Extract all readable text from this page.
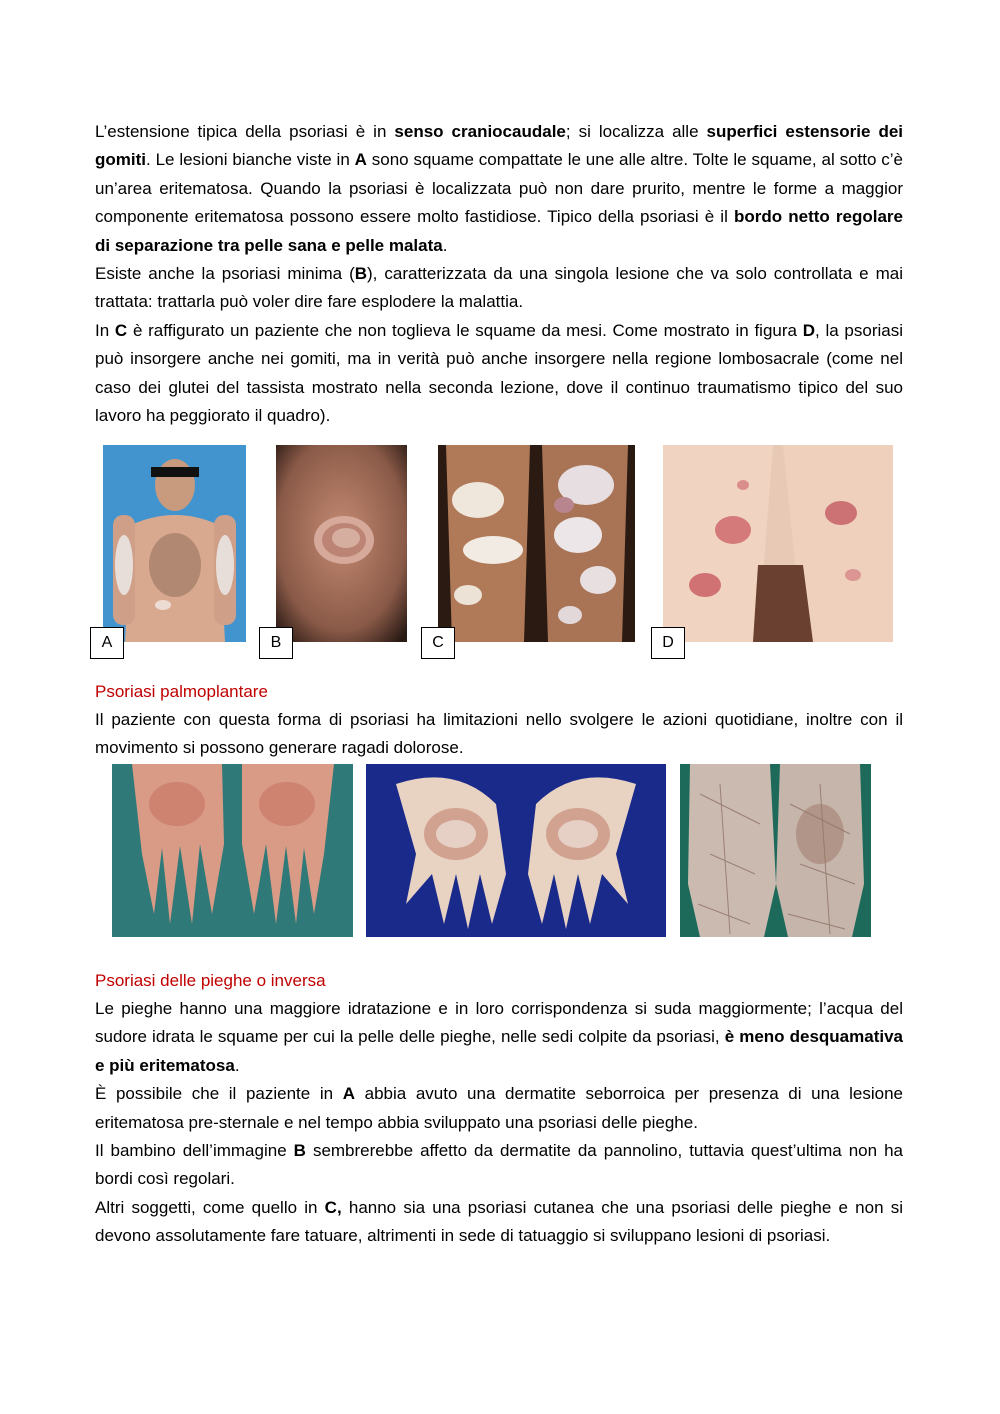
L’estensione tipica della psoriasi è in senso craniocaudale; si localizza alle superfici estensorie dei gomiti. Le lesioni bianche viste in A sono squame compattate le une alle altre. Tolte le squame, al sotto c’è un’area eritematosa. Quando la psoriasi è localizzata può non dare prurito, mentre le forme a maggior componente eritematosa possono essere molto fastidiose. Tipico della psoriasi è il bordo netto regolare di separazione tra pelle sana e pelle malata.

Esiste anche la psoriasi minima (B), caratterizzata da una singola lesione che va solo controllata e mai trattata: trattarla può voler dire fare esplodere la malattia.

In C è raffigurato un paziente che non toglieva le squame da mesi. Come mostrato in figura D, la psoriasi può insorgere anche nei gomiti, ma in verità può anche insorgere nella regione lombosacrale (come nel caso dei glutei del tassista mostrato nella seconda lezione, dove il continuo traumatismo tipico del suo lavoro ha peggiorato il quadro).

A	B	C	D
Psoriasi palmoplantare

Il paziente con questa forma di psoriasi ha limitazioni nello svolgere le azioni quotidiane, inoltre con il movimento si possono generare ragadi dolorose.

Psoriasi delle pieghe o inversa

Le pieghe hanno una maggiore idratazione e in loro corrispondenza si suda maggiormente; l’acqua del sudore idrata le squame per cui la pelle delle pieghe, nelle sedi colpite da psoriasi, è meno desquamativa e più eritematosa.

È possibile che il paziente in A abbia avuto una dermatite seborroica per presenza di una lesione eritematosa pre-sternale e nel tempo abbia sviluppato una psoriasi delle pieghe.

Il bambino dell’immagine B sembrerebbe affetto da dermatite da pannolino, tuttavia quest’ultima non ha bordi così regolari.

Altri soggetti, come quello in C, hanno sia una psoriasi cutanea che una psoriasi delle pieghe e non si devono assolutamente fare tatuare, altrimenti in sede di tatuaggio si sviluppano lesioni di psoriasi.
